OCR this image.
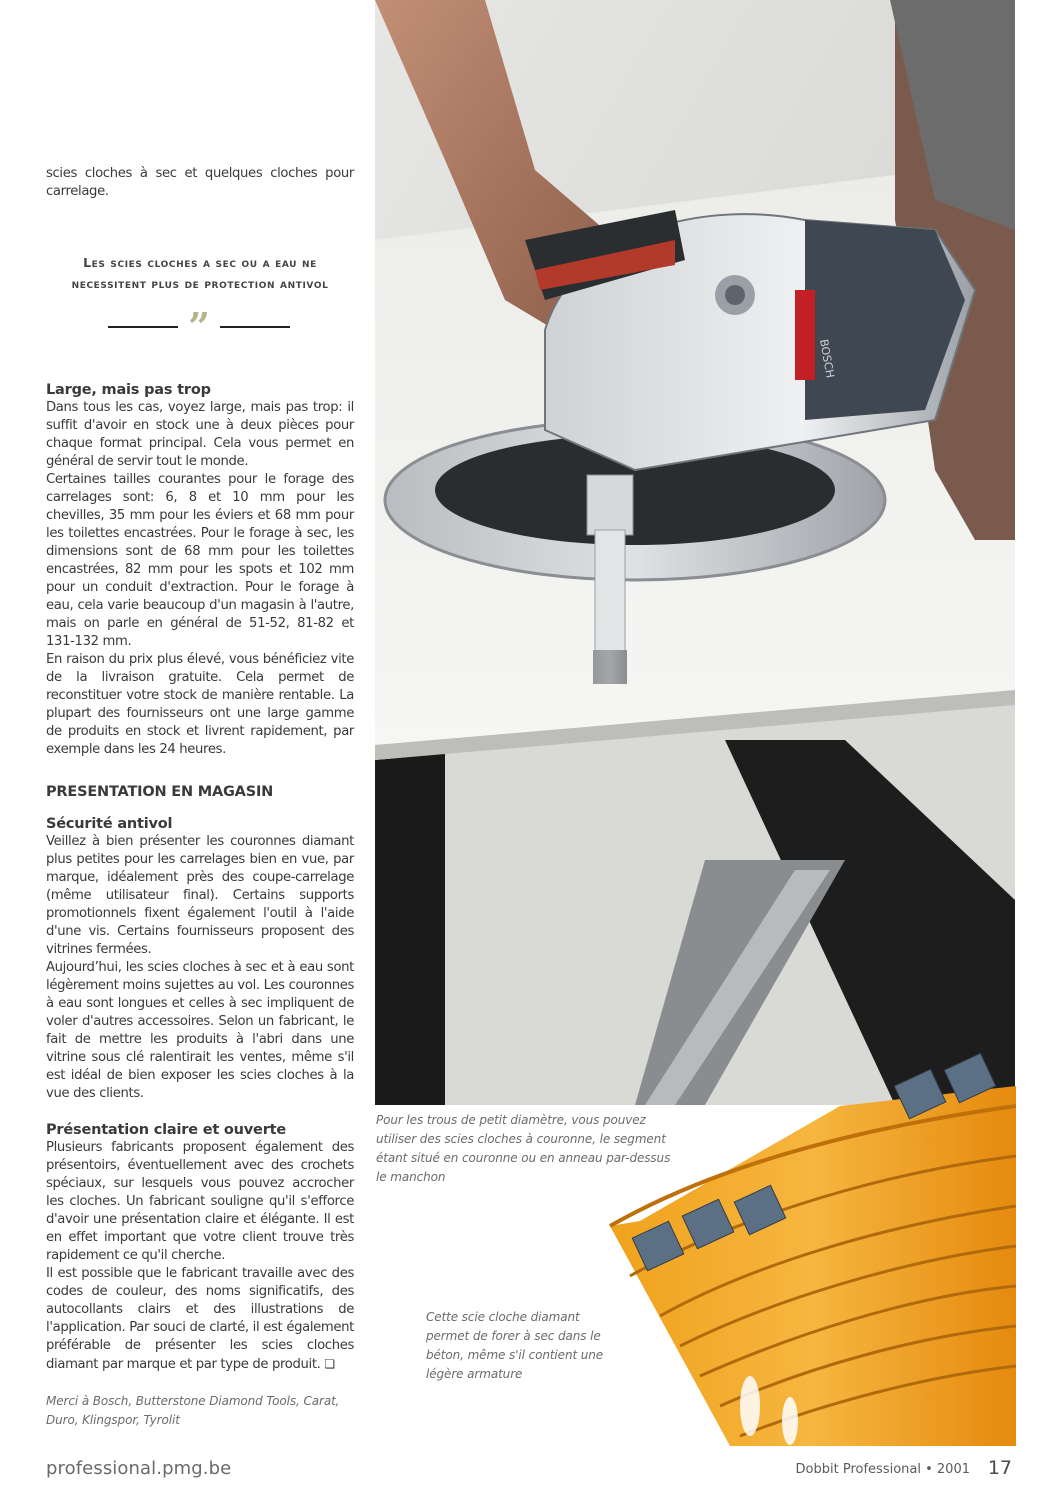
scies cloches à sec et quelques cloches pour carrelage.

Les scies cloches a sec ou a eau ne
necessitent plus de protection antivol
”
Large, mais pas trop

Dans tous les cas, voyez large, mais pas trop: il suffit d'avoir en stock une à deux pièces pour chaque format principal. Cela vous permet en général de servir tout le monde.

Certaines tailles courantes pour le forage des carrelages sont: 6, 8 et 10 mm pour les chevilles, 35 mm pour les éviers et 68 mm pour les toilettes encastrées. Pour le forage à sec, les dimensions sont de 68 mm pour les toilettes encastrées, 82 mm pour les spots et 102 mm pour un conduit d'extraction. Pour le forage à eau, cela varie beaucoup d'un magasin à l'autre, mais on parle en général de 51-52, 81-82 et 131-132 mm.

En raison du prix plus élevé, vous bénéficiez vite de la livraison gratuite. Cela permet de reconstituer votre stock de manière rentable. La plupart des fournisseurs ont une large gamme de produits en stock et livrent rapidement, par exemple dans les 24 heures.

PRESENTATION EN MAGASIN
Sécurité antivol

Veillez à bien présenter les couronnes diamant plus petites pour les carrelages bien en vue, par marque, idéalement près des coupe-carrelage (même utilisateur final). Certains supports promotionnels fixent également l'outil à l'aide d'une vis. Certains fournisseurs proposent des vitrines fermées.

Aujourd’hui, les scies cloches à sec et à eau sont légèrement moins sujettes au vol. Les couronnes à eau sont longues et celles à sec impliquent de voler d'autres accessoires. Selon un fabricant, le fait de mettre les produits à l'abri dans une vitrine sous clé ralentirait les ventes, même s'il est idéal de bien exposer les scies cloches à la vue des clients.

Présentation claire et ouverte

Plusieurs fabricants proposent également des présentoirs, éventuellement avec des crochets spéciaux, sur lesquels vous pouvez accrocher les cloches. Un fabricant souligne qu'il s'efforce d'avoir une présentation claire et élégante. Il est en effet important que votre client trouve très rapidement ce qu'il cherche.

Il est possible que le fabricant travaille avec des codes de couleur, des noms significatifs, des autocollants clairs et des illustrations de l'application. Par souci de clarté, il est également préférable de présenter les scies cloches diamant par marque et par type de produit. ❏

Merci à Bosch, Butterstone Diamond Tools, Carat, Duro, Klingspor, Tyrolit
BOSCH
Pour les trous de petit diamètre, vous pouvez utiliser des scies cloches à couronne, le segment étant situé en couronne ou en anneau par-dessus le manchon
Cette scie cloche diamant permet de forer à sec dans le béton, même s'il contient une légère armature
professional.pmg.be	Dobbit Professional • 2001 17
